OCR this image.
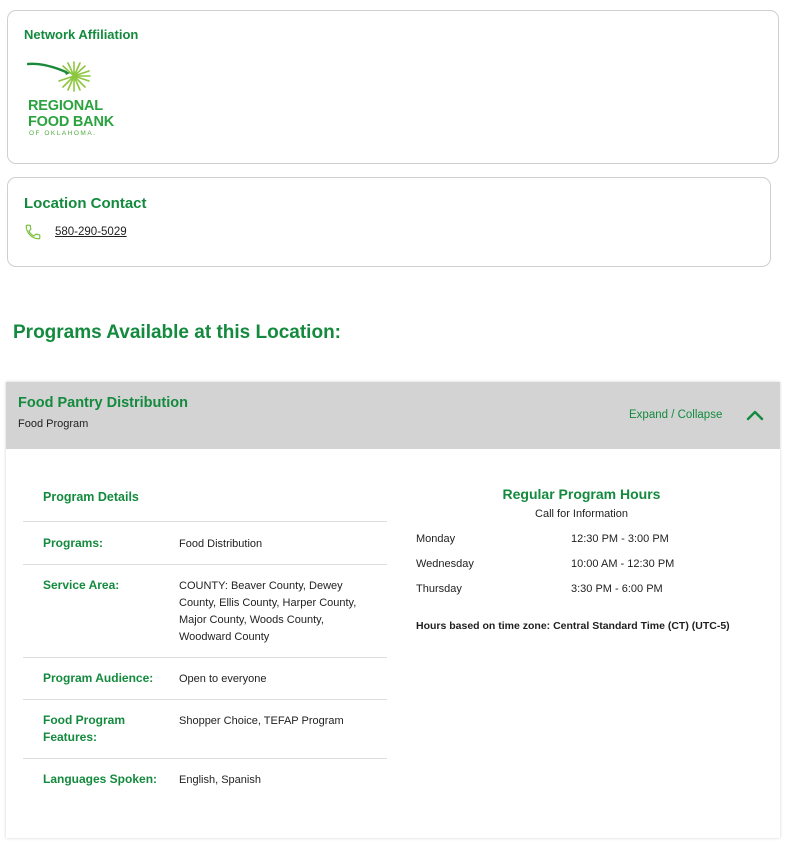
Network Affiliation
REGIONAL
FOOD BANK
OF OKLAHOMA.
Location Contact
580-290-5029
Programs Available at this Location:
Food Pantry Distribution
Food Program
Expand / Collapse
Program Details
Programs:	Food Distribution
Service Area:	COUNTY: Beaver County, Dewey County, Ellis County, Harper County, Major County, Woods County, Woodward County
Program Audience:	Open to everyone
Food Program Features:
Shopper Choice, TEFAP Program
Languages Spoken:	English, Spanish
Regular Program Hours
Call for Information
Monday	12:30 PM - 3:00 PM
Wednesday	10:00 AM - 12:30 PM
Thursday	3:30 PM - 6:00 PM
Hours based on time zone: Central Standard Time (CT) (UTC-5)
